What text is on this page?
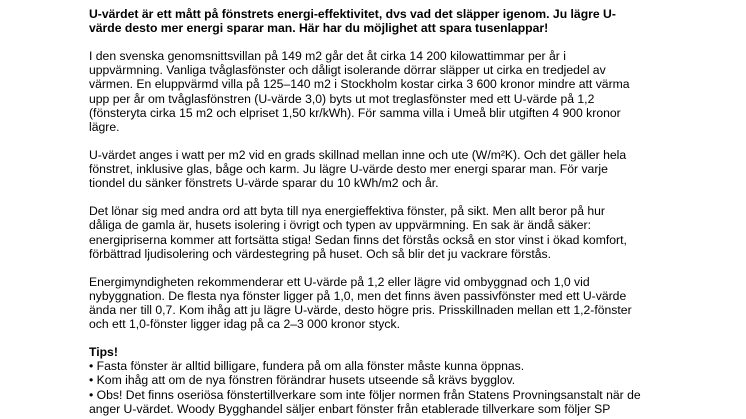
U-värdet är ett mått på fönstrets energi-effektivitet, dvs vad det släpper igenom. Ju lägre U-
värde desto mer energi sparar man. Här har du möjlighet att spara tusenlappar!

I den svenska genomsnittsvillan på 149 m2 går det åt cirka 14 200 kilowattimmar per år i
uppvärmning. Vanliga tvåglasfönster och dåligt isolerande dörrar släpper ut cirka en tredjedel av
värmen. En eluppvärmd villa på 125–140 m2 i Stockholm kostar cirka 3 600 kronor mindre att värma
upp per år om tvåglasfönstren (U-värde 3,0) byts ut mot treglasfönster med ett U-värde på 1,2
(fönsteryta cirka 15 m2 och elpriset 1,50 kr/kWh). För samma villa i Umeå blir utgiften 4 900 kronor
lägre.

U-värdet anges i watt per m2 vid en grads skillnad mellan inne och ute (W/m²K). Och det gäller hela
fönstret, inklusive glas, båge och karm. Ju lägre U-värde desto mer energi sparar man. För varje
tiondel du sänker fönstrets U-värde sparar du 10 kWh/m2 och år.

Det lönar sig med andra ord att byta till nya energieffektiva fönster, på sikt. Men allt beror på hur
dåliga de gamla är, husets isolering i övrigt och typen av uppvärmning. En sak är ändå säker:
energipriserna kommer att fortsätta stiga! Sedan finns det förstås också en stor vinst i ökad komfort,
förbättrad ljudisolering och värdestegring på huset. Och så blir det ju vackrare förstås.

Energimyndigheten rekommenderar ett U-värde på 1,2 eller lägre vid ombyggnad och 1,0 vid
nybyggnation. De flesta nya fönster ligger på 1,0, men det finns även passivfönster med ett U-värde
ända ner till 0,7. Kom ihåg att ju lägre U-värde, desto högre pris. Prisskillnaden mellan ett 1,2-fönster
och ett 1,0-fönster ligger idag på ca 2–3 000 kronor styck.

Tips!
• Fasta fönster är alltid billigare, fundera på om alla fönster måste kunna öppnas.
• Kom ihåg att om de nya fönstren förändrar husets utseende så krävs bygglov.
• Obs! Det finns oseriösa fönstertillverkare som inte följer normen från Statens Provningsanstalt när de
anger U-värdet. Woody Bygghandel säljer enbart fönster från etablerade tillverkare som följer SP
